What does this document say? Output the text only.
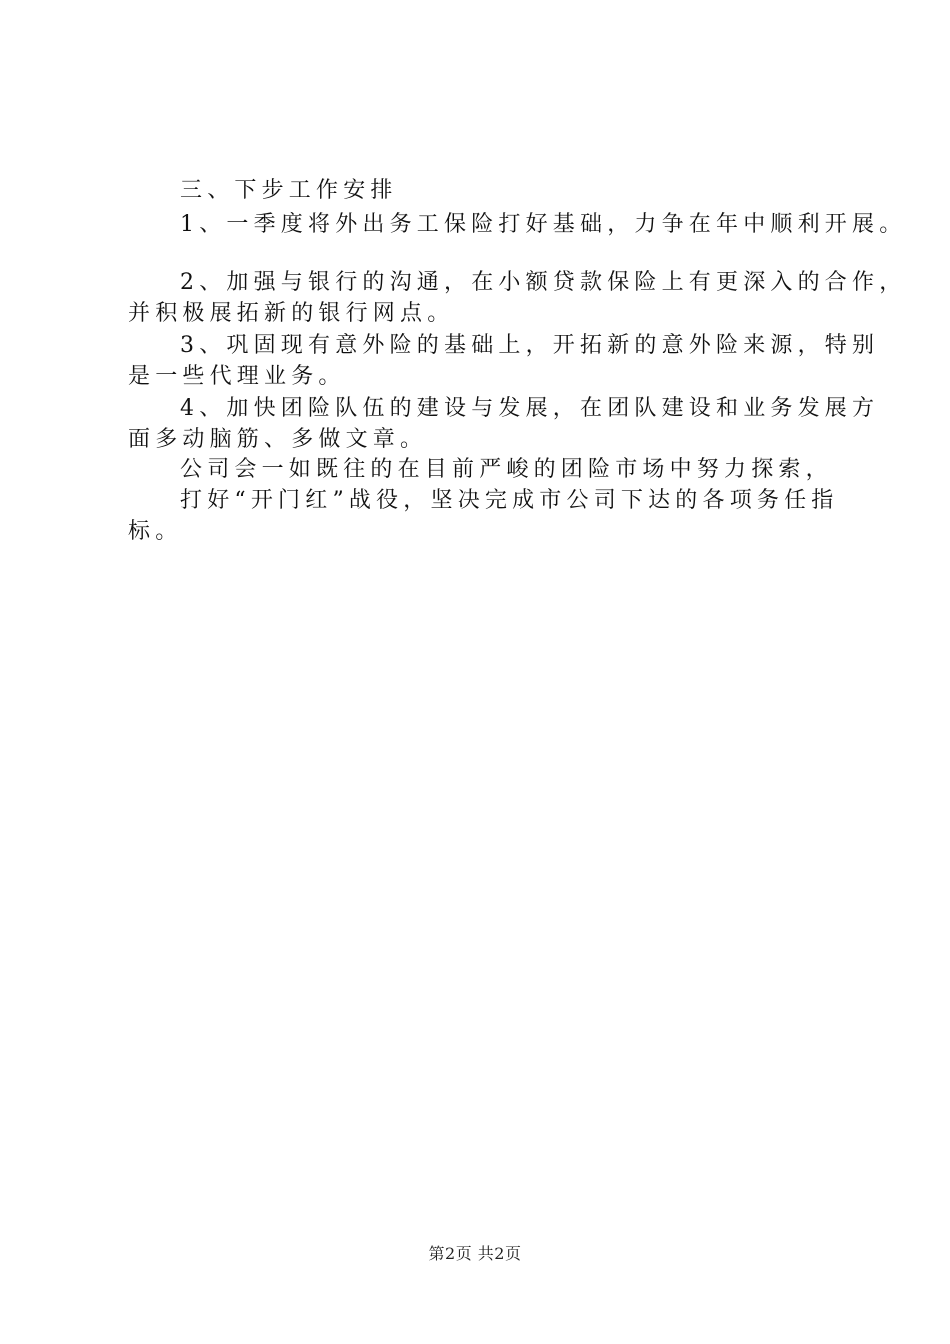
三、下步工作安排
1、一季度将外出务工保险打好基础，力争在年中顺利开展。
2、加强与银行的沟通，在小额贷款保险上有更深入的合作，
并积极展拓新的银行网点。
3、巩固现有意外险的基础上，开拓新的意外险来源，特别
是一些代理业务。
4、加快团险队伍的建设与发展，在团队建设和业务发展方
面多动脑筋、多做文章。
公司会一如既往的在目前严峻的团险市场中努力探索，
打好“开门红”战役，坚决完成市公司下达的各项务任指
标。
第2页 共2页
